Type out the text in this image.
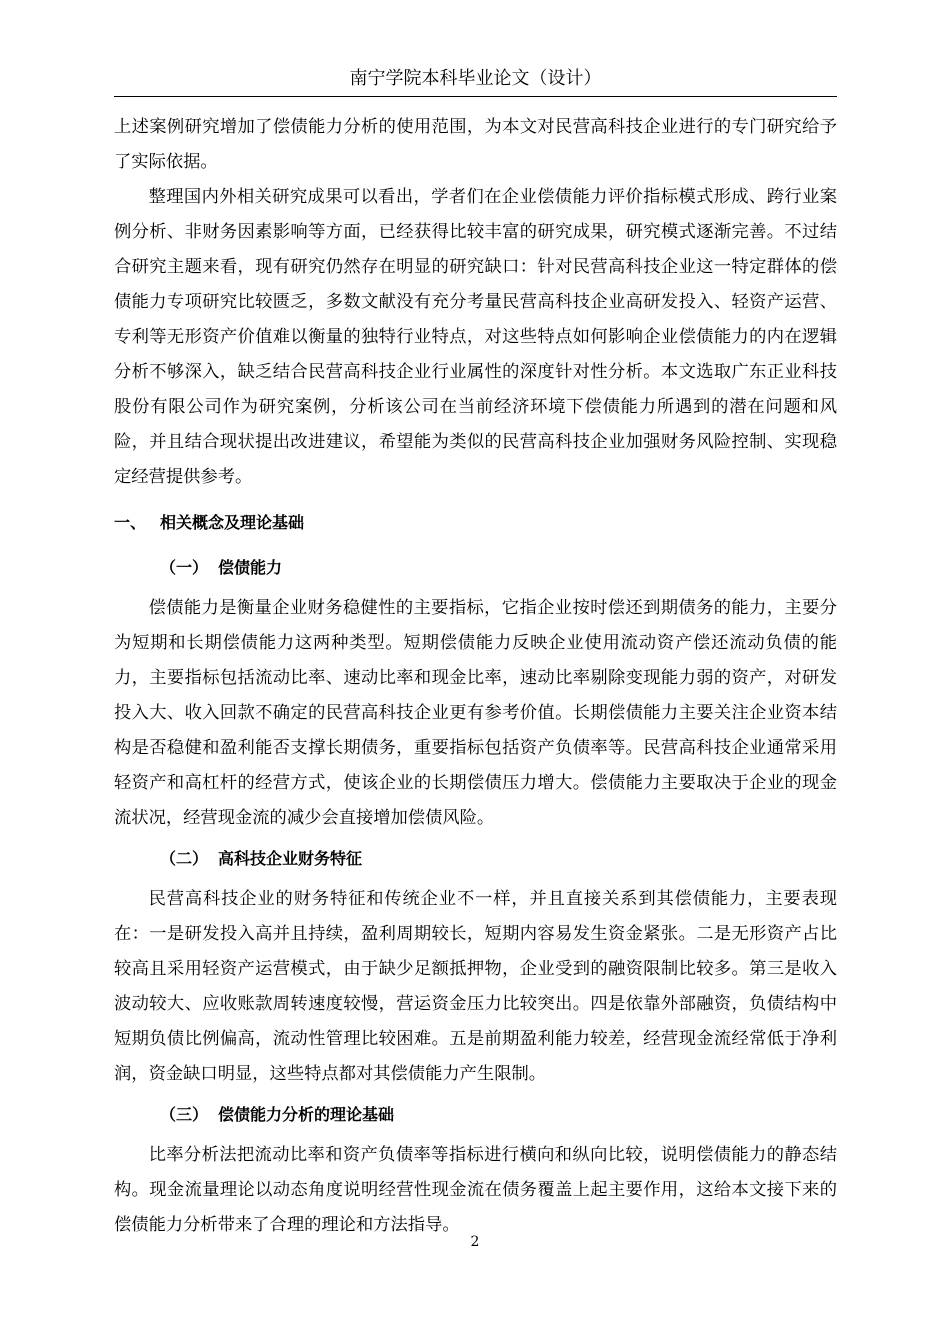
南宁学院本科毕业论文（设计）

上述案例研究增加了偿债能力分析的使用范围，为本文对民营高科技企业进行的专门研究给予了实际依据。

整理国内外相关研究成果可以看出，学者们在企业偿债能力评价指标模式形成、跨行业案例分析、非财务因素影响等方面，已经获得比较丰富的研究成果，研究模式逐渐完善。不过结合研究主题来看，现有研究仍然存在明显的研究缺口：针对民营高科技企业这一特定群体的偿债能力专项研究比较匮乏，多数文献没有充分考量民营高科技企业高研发投入、轻资产运营、专利等无形资产价值难以衡量的独特行业特点，对这些特点如何影响企业偿债能力的内在逻辑分析不够深入，缺乏结合民营高科技企业行业属性的深度针对性分析。本文选取广东正业科技股份有限公司作为研究案例，分析该公司在当前经济环境下偿债能力所遇到的潜在问题和风险，并且结合现状提出改进建议，希望能为类似的民营高科技企业加强财务风险控制、实现稳定经营提供参考。

一、 相关概念及理论基础
（一） 偿债能力

偿债能力是衡量企业财务稳健性的主要指标，它指企业按时偿还到期债务的能力，主要分为短期和长期偿债能力这两种类型。短期偿债能力反映企业使用流动资产偿还流动负债的能力，主要指标包括流动比率、速动比率和现金比率，速动比率剔除变现能力弱的资产，对研发投入大、收入回款不确定的民营高科技企业更有参考价值。长期偿债能力主要关注企业资本结构是否稳健和盈利能否支撑长期债务，重要指标包括资产负债率等。民营高科技企业通常采用轻资产和高杠杆的经营方式，使该企业的长期偿债压力增大。偿债能力主要取决于企业的现金流状况，经营现金流的减少会直接增加偿债风险。

（二） 高科技企业财务特征

民营高科技企业的财务特征和传统企业不一样，并且直接关系到其偿债能力，主要表现在：一是研发投入高并且持续，盈利周期较长，短期内容易发生资金紧张。二是无形资产占比较高且采用轻资产运营模式，由于缺少足额抵押物，企业受到的融资限制比较多。第三是收入波动较大、应收账款周转速度较慢，营运资金压力比较突出。四是依靠外部融资，负债结构中短期负债比例偏高，流动性管理比较困难。五是前期盈利能力较差，经营现金流经常低于净利润，资金缺口明显，这些特点都对其偿债能力产生限制。

（三） 偿债能力分析的理论基础

比率分析法把流动比率和资产负债率等指标进行横向和纵向比较，说明偿债能力的静态结构。现金流量理论以动态角度说明经营性现金流在债务覆盖上起主要作用，这给本文接下来的偿债能力分析带来了合理的理论和方法指导。

2
